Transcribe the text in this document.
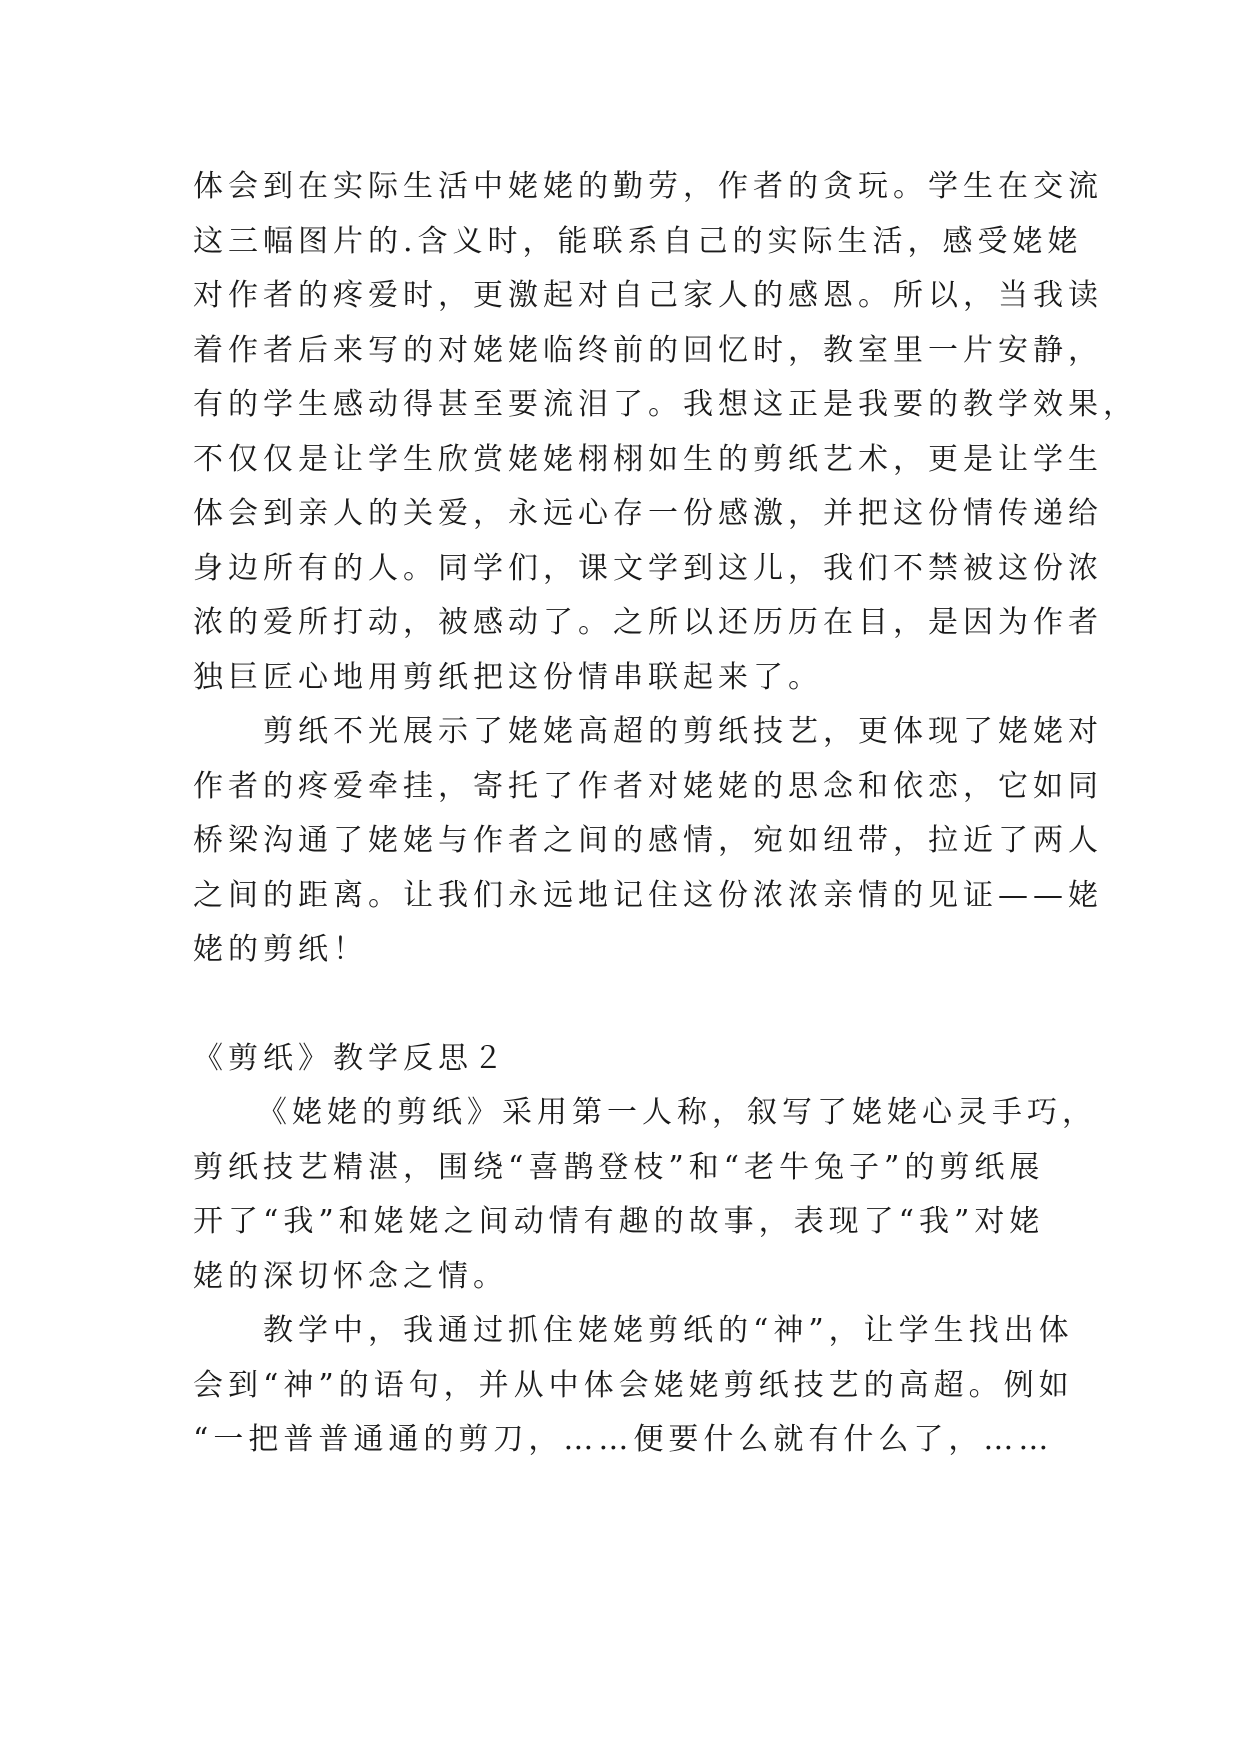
体会到在实际生活中姥姥的勤劳，作者的贪玩。学生在交流
这三幅图片的.含义时，能联系自己的实际生活，感受姥姥
对作者的疼爱时，更激起对自己家人的感恩。所以，当我读
着作者后来写的对姥姥临终前的回忆时，教室里一片安静，
有的学生感动得甚至要流泪了。我想这正是我要的教学效果，
不仅仅是让学生欣赏姥姥栩栩如生的剪纸艺术，更是让学生
体会到亲人的关爱，永远心存一份感激，并把这份情传递给
身边所有的人。同学们，课文学到这儿，我们不禁被这份浓
浓的爱所打动，被感动了。之所以还历历在目，是因为作者
独巨匠心地用剪纸把这份情串联起来了。
剪纸不光展示了姥姥高超的剪纸技艺，更体现了姥姥对
作者的疼爱牵挂，寄托了作者对姥姥的思念和依恋，它如同
桥梁沟通了姥姥与作者之间的感情，宛如纽带，拉近了两人
之间的距离。让我们永远地记住这份浓浓亲情的见证——姥
姥的剪纸！
《剪纸》教学反思２
《姥姥的剪纸》采用第一人称，叙写了姥姥心灵手巧，
剪纸技艺精湛，围绕“喜鹊登枝”和“老牛兔子”的剪纸展
开了“我”和姥姥之间动情有趣的故事，表现了“我”对姥
姥的深切怀念之情。
教学中，我通过抓住姥姥剪纸的“神”，让学生找出体
会到“神”的语句，并从中体会姥姥剪纸技艺的高超。例如
“一把普普通通的剪刀，……便要什么就有什么了，……
